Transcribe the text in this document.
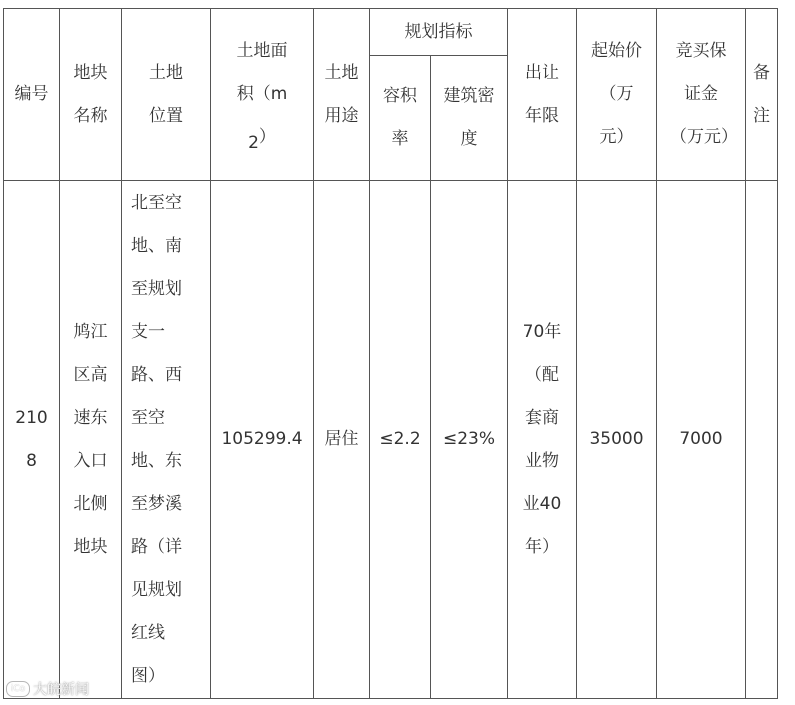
编号	地块名称	土地位置	土地面积（m2）	土地用途	规划指标		出让年限	起始价（万元）	竞买保证金（万元）	备注
					容积率	建筑密度				
2108	鸠江区高速东入口北侧地块	北至空地、南至规划支一路、西至空地、东至梦溪路（详见规划红线图）	105299.4	居住	≤2.2	≤23%	70年（配套商业物业40年）	35000	7000	
iCo 大皖新闻
